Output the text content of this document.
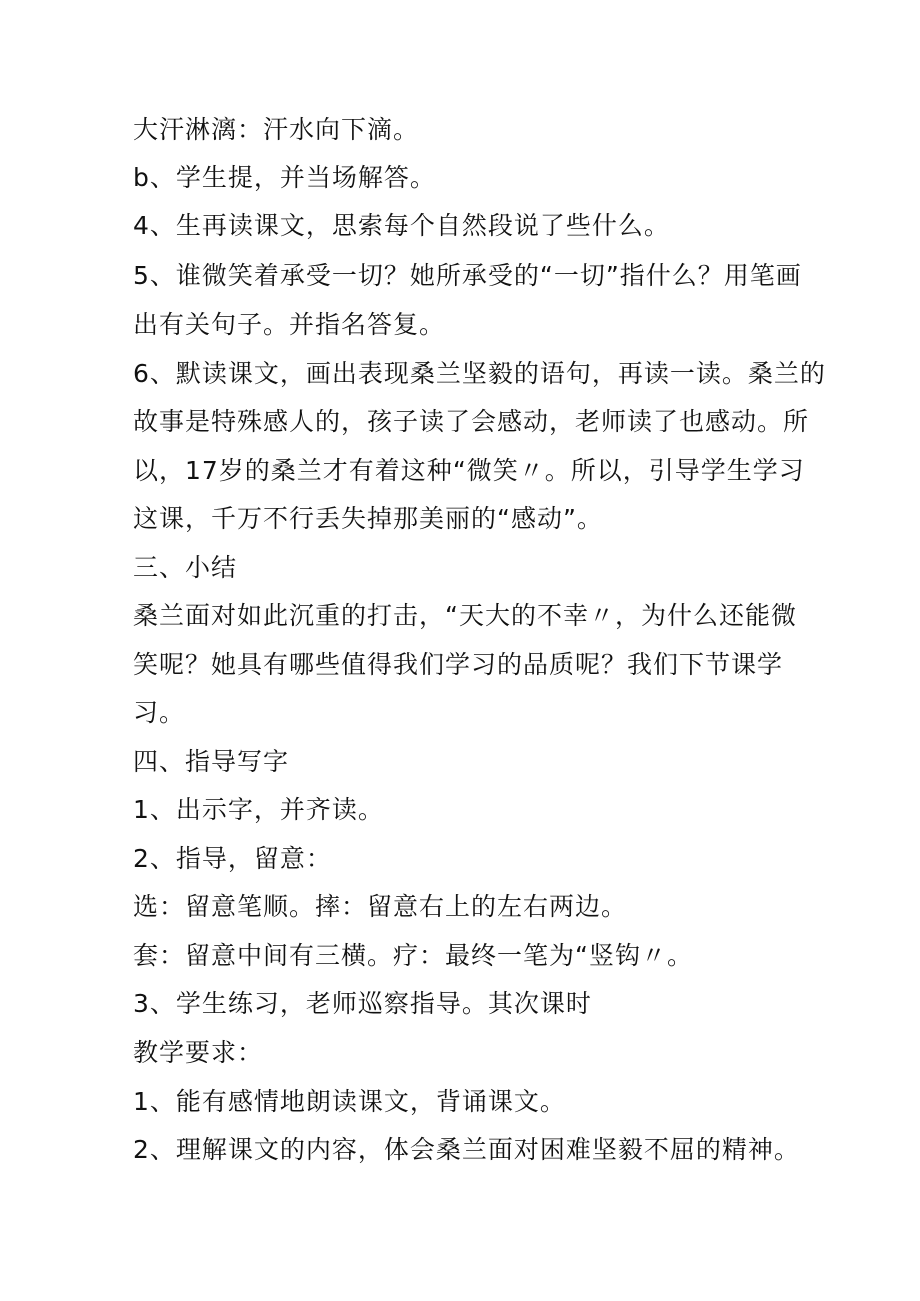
大汗淋漓：汗水向下滴。
b、学生提，并当场解答。
4、生再读课文，思索每个自然段说了些什么。
5、谁微笑着承受一切？她所承受的“一切”指什么？用笔画
出有关句子。并指名答复。
6、默读课文，画出表现桑兰坚毅的语句，再读一读。桑兰的
故事是特殊感人的，孩子读了会感动，老师读了也感动。所
以，17岁的桑兰才有着这种“微笑〃。所以，引导学生学习
这课，千万不行丢失掉那美丽的“感动”。
三、小结
桑兰面对如此沉重的打击，“天大的不幸〃，为什么还能微
笑呢？她具有哪些值得我们学习的品质呢？我们下节课学
习。
四、指导写字
1、出示字，并齐读。
2、指导，留意：
选：留意笔顺。摔：留意右上的左右两边。
套：留意中间有三横。疗：最终一笔为“竖钩〃。
3、学生练习，老师巡察指导。其次课时
教学要求：
1、能有感情地朗读课文，背诵课文。
2、理解课文的内容，体会桑兰面对困难坚毅不屈的精神。
